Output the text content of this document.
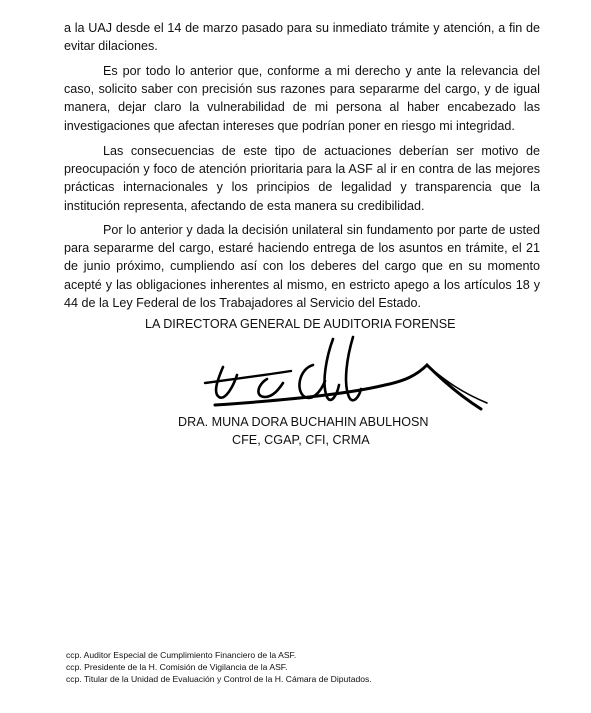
a la UAJ desde el 14 de marzo pasado para su inmediato trámite y atención, a fin de evitar dilaciones.

Es por todo lo anterior que, conforme a mi derecho y ante la relevancia del caso, solicito saber con precisión sus razones para separarme del cargo, y de igual manera, dejar claro la vulnerabilidad de mi persona al haber encabezado las investigaciones que afectan intereses que podrían poner en riesgo mi integridad.

Las consecuencias de este tipo de actuaciones deberían ser motivo de preocupación y foco de atención prioritaria para la ASF al ir en contra de las mejores prácticas internacionales y los principios de legalidad y transparencia que la institución representa, afectando de esta manera su credibilidad.

Por lo anterior y dada la decisión unilateral sin fundamento por parte de usted para separarme del cargo, estaré haciendo entrega de los asuntos en trámite, el 21 de junio próximo, cumpliendo así con los deberes del cargo que en su momento acepté y las obligaciones inherentes al mismo, en estricto apego a los artículos 18 y 44 de la Ley Federal de los Trabajadores al Servicio del Estado.

LA DIRECTORA GENERAL DE AUDITORIA FORENSE

DRA. MUNA DORA BUCHAHIN ABULHOSN

CFE, CGAP, CFI, CRMA

ccp. Auditor Especial de Cumplimiento Financiero de la ASF.

ccp. Presidente de la H. Comisión de Vigilancia de la ASF.

ccp. Titular de la Unidad de Evaluación y Control de la H. Cámara de Diputados.
